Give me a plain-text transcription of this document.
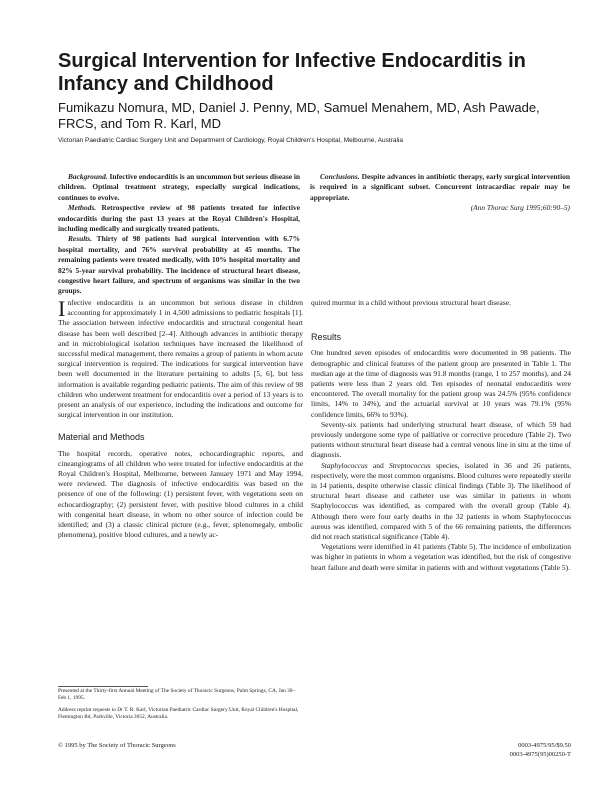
Surgical Intervention for Infective Endocarditis in Infancy and Childhood

Fumikazu Nomura, MD, Daniel J. Penny, MD, Samuel Menahem, MD, Ash Pawade, FRCS, and Tom R. Karl, MD

Victorian Paediatric Cardiac Surgery Unit and Department of Cardiology, Royal Children's Hospital, Melbourne, Australia

Background. Infective endocarditis is an uncommon but serious disease in children. Optimal treatment strategy, especially surgical indications, continues to evolve.

Methods. Retrospective review of 98 patients treated for infective endocarditis during the past 13 years at the Royal Children's Hospital, including medically and surgically treated patients.

Results. Thirty of 98 patients had surgical intervention with 6.7% hospital mortality, and 76% survival probability at 45 months. The remaining patients were treated medically, with 10% hospital mortality and 82% 5-year survival probability. The incidence of structural heart disease, congestive heart failure, and spectrum of organisms was similar in the two groups.

Conclusions. Despite advances in antibiotic therapy, early surgical intervention is required in a significant subset. Concurrent intracardiac repair may be appropriate.

(Ann Thorac Surg 1995;60:90–5)

Infective endocarditis is an uncommon but serious disease in children accounting for approximately 1 in 4,500 admissions to pediatric hospitals [1]. The association between infective endocarditis and structural congenital heart disease has been well described [2–4]. Although advances in antibiotic therapy and in microbiological isolation techniques have increased the likelihood of successful medical management, there remains a group of patients in whom acute surgical intervention is required. The indications for surgical intervention have been well documented in the literature pertaining to adults [5, 6], but less information is available regarding pediatric patients. The aim of this review of 98 children who underwent treatment for endocarditis over a period of 13 years is to present an analysis of our experience, including the indications and outcome for surgical intervention in our institution.

Material and Methods

The hospital records, operative notes, echocardiographic reports, and cineangiograms of all children who were treated for infective endocarditis at the Royal Children's Hospital, Melbourne, between January 1971 and May 1994, were reviewed. The diagnosis of infective endocarditis was based on the presence of one of the following: (1) persistent fever, with vegetations seen on echocardiography; (2) persistent fever, with positive blood cultures in a child with congenital heart disease, in whom no other source of infection could be identified; and (3) a classic clinical picture (e.g., fever, splenomegaly, embolic phenomena), positive blood cultures, and a newly ac-

quired murmur in a child without previous structural heart disease.

Results

One hundred seven episodes of endocarditis were documented in 98 patients. The demographic and clinical features of the patient group are presented in Table 1. The median age at the time of diagnosis was 91.8 months (range, 1 to 257 months), and 24 patients were less than 2 years old. Ten episodes of neonatal endocarditis were encountered. The overall mortality for the patient group was 24.5% (95% confidence limits, 14% to 34%), and the actuarial survival at 10 years was 79.1% (95% confidence limits, 66% to 93%).

Seventy-six patients had underlying structural heart disease, of which 59 had previously undergone some type of palliative or corrective procedure (Table 2). Two patients without structural heart disease had a central venous line in situ at the time of diagnosis.

Staphylococcus and Streptococcus species, isolated in 36 and 26 patients, respectively, were the most common organisms. Blood cultures were repeatedly sterile in 14 patients, despite otherwise classic clinical findings (Table 3). The likelihood of structural heart disease and catheter use was similar in patients in whom Staphylococcus was identified, as compared with the overall group (Table 4). Although there were four early deaths in the 32 patients in whom Staphylococcus aureus was identified, compared with 5 of the 66 remaining patients, the differences did not reach statistical significance (Table 4).

Vegetations were identified in 41 patients (Table 5). The incidence of embolization was higher in patients in whom a vegetation was identified, but the risk of congestive heart failure and death were similar in patients with and without vegetations (Table 5).

Presented at the Thirty-first Annual Meeting of The Society of Thoracic Surgeons, Palm Springs, CA, Jan 30–Feb 1, 1995.

Address reprint requests to Dr T. R. Karl, Victorian Paediatric Cardiac Surgery Unit, Royal Children's Hospital, Flemington Rd, Parkville, Victoria 3052, Australia.

© 1995 by The Society of Thoracic Surgeons	0003-4975/95/$9.50
0003-4975(95)00250-T
